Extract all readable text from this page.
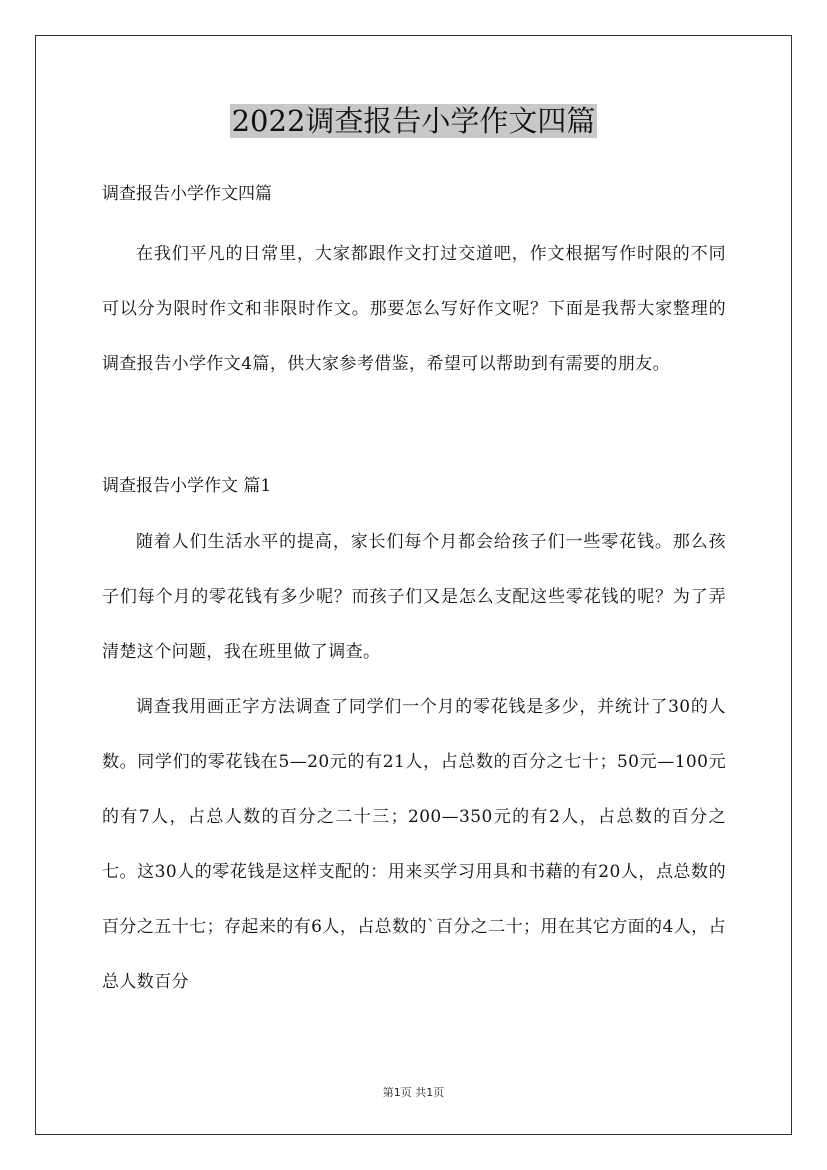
2022调查报告小学作文四篇
调查报告小学作文四篇

在我们平凡的日常里，大家都跟作文打过交道吧，作文根据写作时限的不同可以分为限时作文和非限时作文。那要怎么写好作文呢？下面是我帮大家整理的调查报告小学作文4篇，供大家参考借鉴，希望可以帮助到有需要的朋友。

调查报告小学作文 篇1

随着人们生活水平的提高，家长们每个月都会给孩子们一些零花钱。那么孩子们每个月的零花钱有多少呢？而孩子们又是怎么支配这些零花钱的呢？为了弄清楚这个问题，我在班里做了调查。

调查我用画正字方法调查了同学们一个月的零花钱是多少，并统计了30的人数。同学们的零花钱在5—20元的有21人，占总数的百分之七十；50元—100元的有7人，占总人数的百分之二十三；200—350元的有2人，占总数的百分之七。这30人的零花钱是这样支配的：用来买学习用具和书藉的有20人，点总数的百分之五十七；存起来的有6人，占总数的`百分之二十；用在其它方面的4人，占总人数百分

第1页 共1页
